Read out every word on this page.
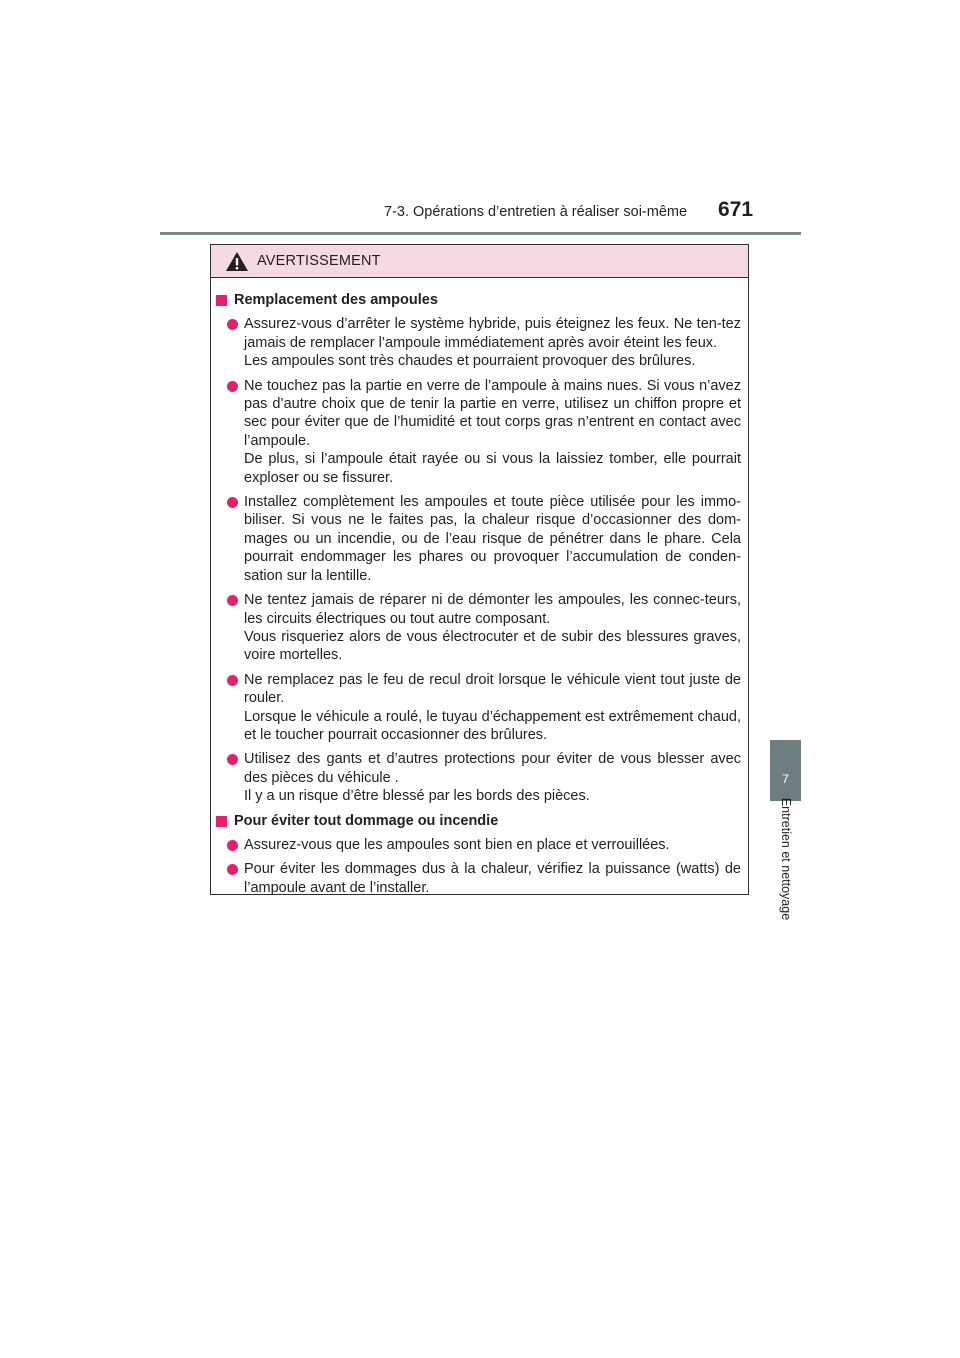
7-3. Opérations d’entretien à réaliser soi-même 671
7
Entretien et nettoyage
AVERTISSEMENT
Remplacement des ampoules

Assurez-vous d’arrêter le système hybride, puis éteignez les feux. Ne ten-tez jamais de remplacer l’ampoule immédiatement après avoir éteint les feux.

Les ampoules sont très chaudes et pourraient provoquer des brûlures.

Ne touchez pas la partie en verre de l’ampoule à mains nues. Si vous n’avez pas d’autre choix que de tenir la partie en verre, utilisez un chiffon propre et sec pour éviter que de l’humidité et tout corps gras n’entrent en contact avec l’ampoule.

De plus, si l’ampoule était rayée ou si vous la laissiez tomber, elle pourrait exploser ou se fissurer.

Installez complètement les ampoules et toute pièce utilisée pour les immo-biliser. Si vous ne le faites pas, la chaleur risque d’occasionner des dom-mages ou un incendie, ou de l’eau risque de pénétrer dans le phare. Cela pourrait endommager les phares ou provoquer l’accumulation de conden-sation sur la lentille.

Ne tentez jamais de réparer ni de démonter les ampoules, les connec-teurs, les circuits électriques ou tout autre composant.

Vous risqueriez alors de vous électrocuter et de subir des blessures graves, voire mortelles.

Ne remplacez pas le feu de recul droit lorsque le véhicule vient tout juste de rouler.

Lorsque le véhicule a roulé, le tuyau d’échappement est extrêmement chaud, et le toucher pourrait occasionner des brûlures.

Utilisez des gants et d’autres protections pour éviter de vous blesser avec des pièces du véhicule .

Il y a un risque d’être blessé par les bords des pièces.

Pour éviter tout dommage ou incendie

Assurez-vous que les ampoules sont bien en place et verrouillées.

Pour éviter les dommages dus à la chaleur, vérifiez la puissance (watts) de l’ampoule avant de l’installer.
